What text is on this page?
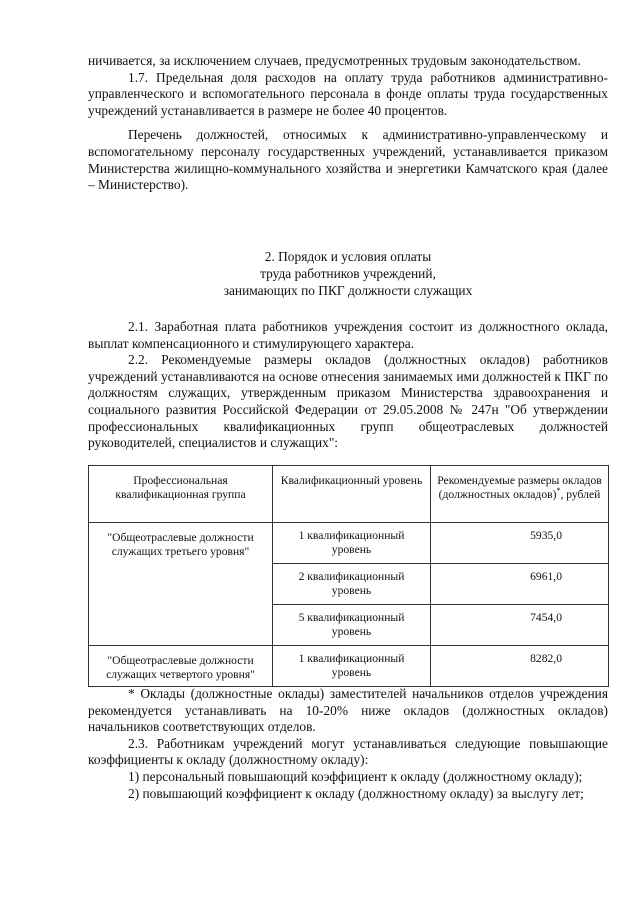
ничивается, за исключением случаев, предусмотренных трудовым законодательством.

1.7. Предельная доля расходов на оплату труда работников административно-управленческого и вспомогательного персонала в фонде оплаты труда государственных учреждений устанавливается в размере не более 40 процентов.

Перечень должностей, относимых к административно-управленческому и вспомогательному персоналу государственных учреждений, устанавливается приказом Министерства жилищно-коммунального хозяйства и энергетики Камчатского края (далее – Министерство).

2. Порядок и условия оплаты
труда работников учреждений,
занимающих по ПКГ должности служащих

2.1. Заработная плата работников учреждения состоит из должностного оклада, выплат компенсационного и стимулирующего характера.

2.2. Рекомендуемые размеры окладов (должностных окладов) работников учреждений устанавливаются на основе отнесения занимаемых ими должностей к ПКГ по должностям служащих, утвержденным приказом Министерства здравоохранения и социального развития Российской Федерации от 29.05.2008 № 247н "Об утверждении профессиональных квалификационных групп общеотраслевых должностей руководителей, специалистов и служащих":

Профессиональная квалификационная группа	Квалификационный уровень	Рекомендуемые размеры окладов (должностных окладов)*, рублей
"Общеотраслевые должности служащих третьего уровня"	1 квалификационный уровень	5935,0
	2 квалификационный уровень	6961,0
	5 квалификационный уровень	7454,0
"Общеотраслевые должности служащих четвертого уровня"	1 квалификационный уровень	8282,0

* Оклады (должностные оклады) заместителей начальников отделов учреждения рекомендуется устанавливать на 10-20% ниже окладов (должностных окладов) начальников соответствующих отделов.

2.3. Работникам учреждений могут устанавливаться следующие повышающие коэффициенты к окладу (должностному окладу):

1) персональный повышающий коэффициент к окладу (должностному окладу);

2) повышающий коэффициент к окладу (должностному окладу) за выслугу лет;
